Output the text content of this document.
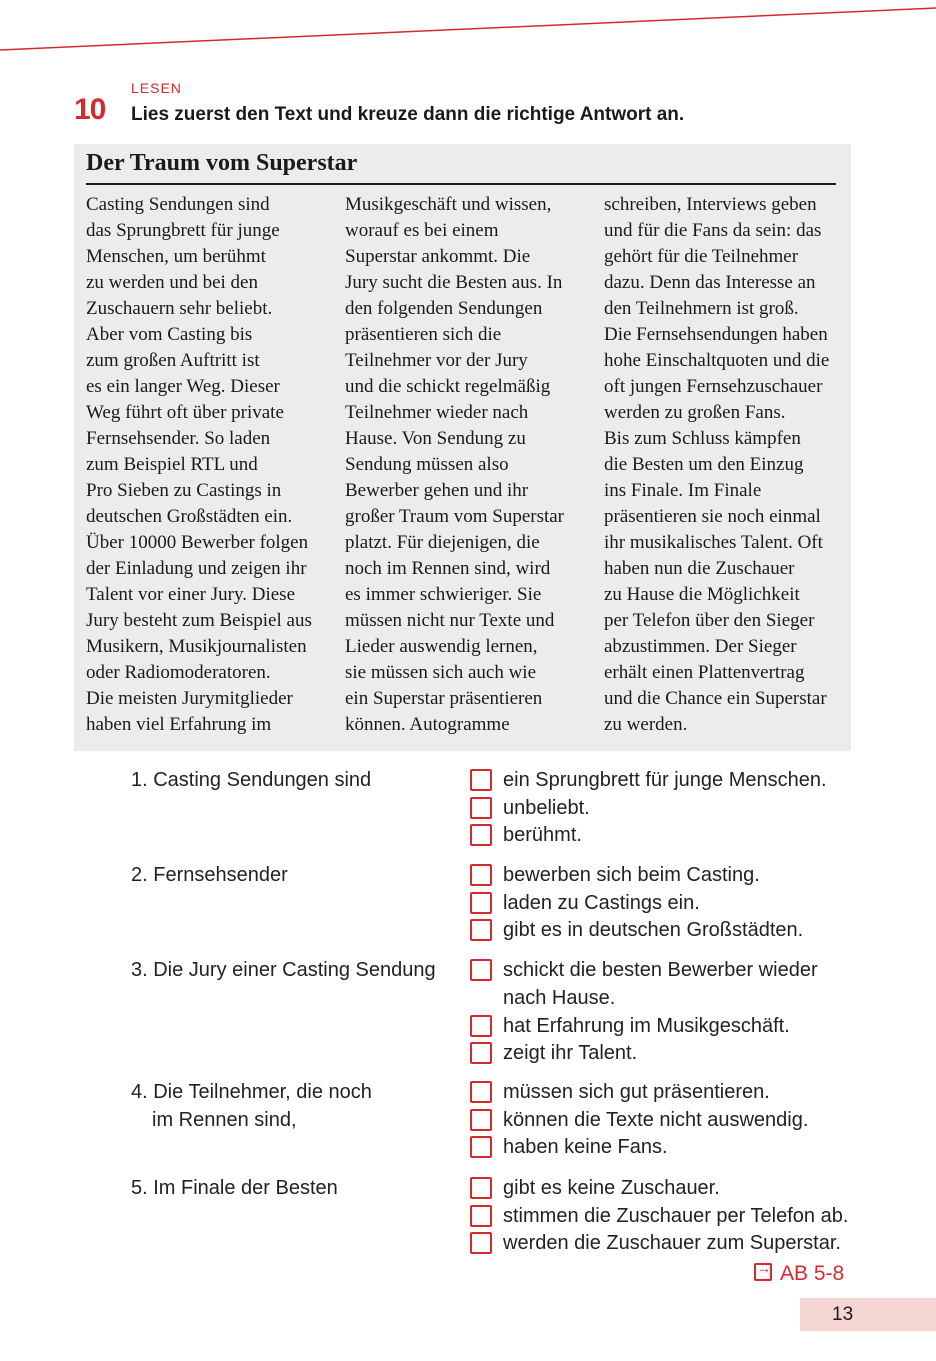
LESEN
10 Lies zuerst den Text und kreuze dann die richtige Antwort an.
Der Traum vom Superstar
Casting Sendungen sind
das Sprungbrett für junge
Menschen, um berühmt
zu werden und bei den
Zuschauern sehr beliebt.
Aber vom Casting bis
zum großen Auftritt ist
es ein langer Weg. Dieser
Weg führt oft über private
Fernsehsender. So laden
zum Beispiel RTL und
Pro Sieben zu Castings in
deutschen Großstädten ein.
Über 10000 Bewerber folgen
der Einladung und zeigen ihr
Talent vor einer Jury. Diese
Jury besteht zum Beispiel aus
Musikern, Musikjournalisten
oder Radiomoderatoren.
Die meisten Jurymitglieder
haben viel Erfahrung im
Musikgeschäft und wissen,
worauf es bei einem
Superstar ankommt. Die
Jury sucht die Besten aus. In
den folgenden Sendungen
präsentieren sich die
Teilnehmer vor der Jury
und die schickt regelmäßig
Teilnehmer wieder nach
Hause. Von Sendung zu
Sendung müssen also
Bewerber gehen und ihr
großer Traum vom Superstar
platzt. Für diejenigen, die
noch im Rennen sind, wird
es immer schwieriger. Sie
müssen nicht nur Texte und
Lieder auswendig lernen,
sie müssen sich auch wie
ein Superstar präsentieren
können. Autogramme
schreiben, Interviews geben
und für die Fans da sein: das
gehört für die Teilnehmer
dazu. Denn das Interesse an
den Teilnehmern ist groß.
Die Fernsehsendungen haben
hohe Einschaltquoten und die
oft jungen Fernsehzuschauer
werden zu großen Fans.
Bis zum Schluss kämpfen
die Besten um den Einzug
ins Finale. Im Finale
präsentieren sie noch einmal
ihr musikalisches Talent. Oft
haben nun die Zuschauer
zu Hause die Möglichkeit
per Telefon über den Sieger
abzustimmen. Der Sieger
erhält einen Plattenvertrag
und die Chance ein Superstar
zu werden.
1. Casting Sendungen sind	ein Sprungbrett für junge Menschen.
unbeliebt.
berühmt.
2. Fernsehsender	bewerben sich beim Casting.
laden zu Castings ein.
gibt es in deutschen Großstädten.
3. Die Jury einer Casting Sendung	schickt die besten Bewerber wieder
nach Hause.
hat Erfahrung im Musikgeschäft.
zeigt ihr Talent.
4. Die Teilnehmer, die noch
im Rennen sind,
müssen sich gut präsentieren.
können die Texte nicht auswendig.
haben keine Fans.
5. Im Finale der Besten	gibt es keine Zuschauer.
stimmen die Zuschauer per Telefon ab.
werden die Zuschauer zum Superstar.
→AB 5-8
13
